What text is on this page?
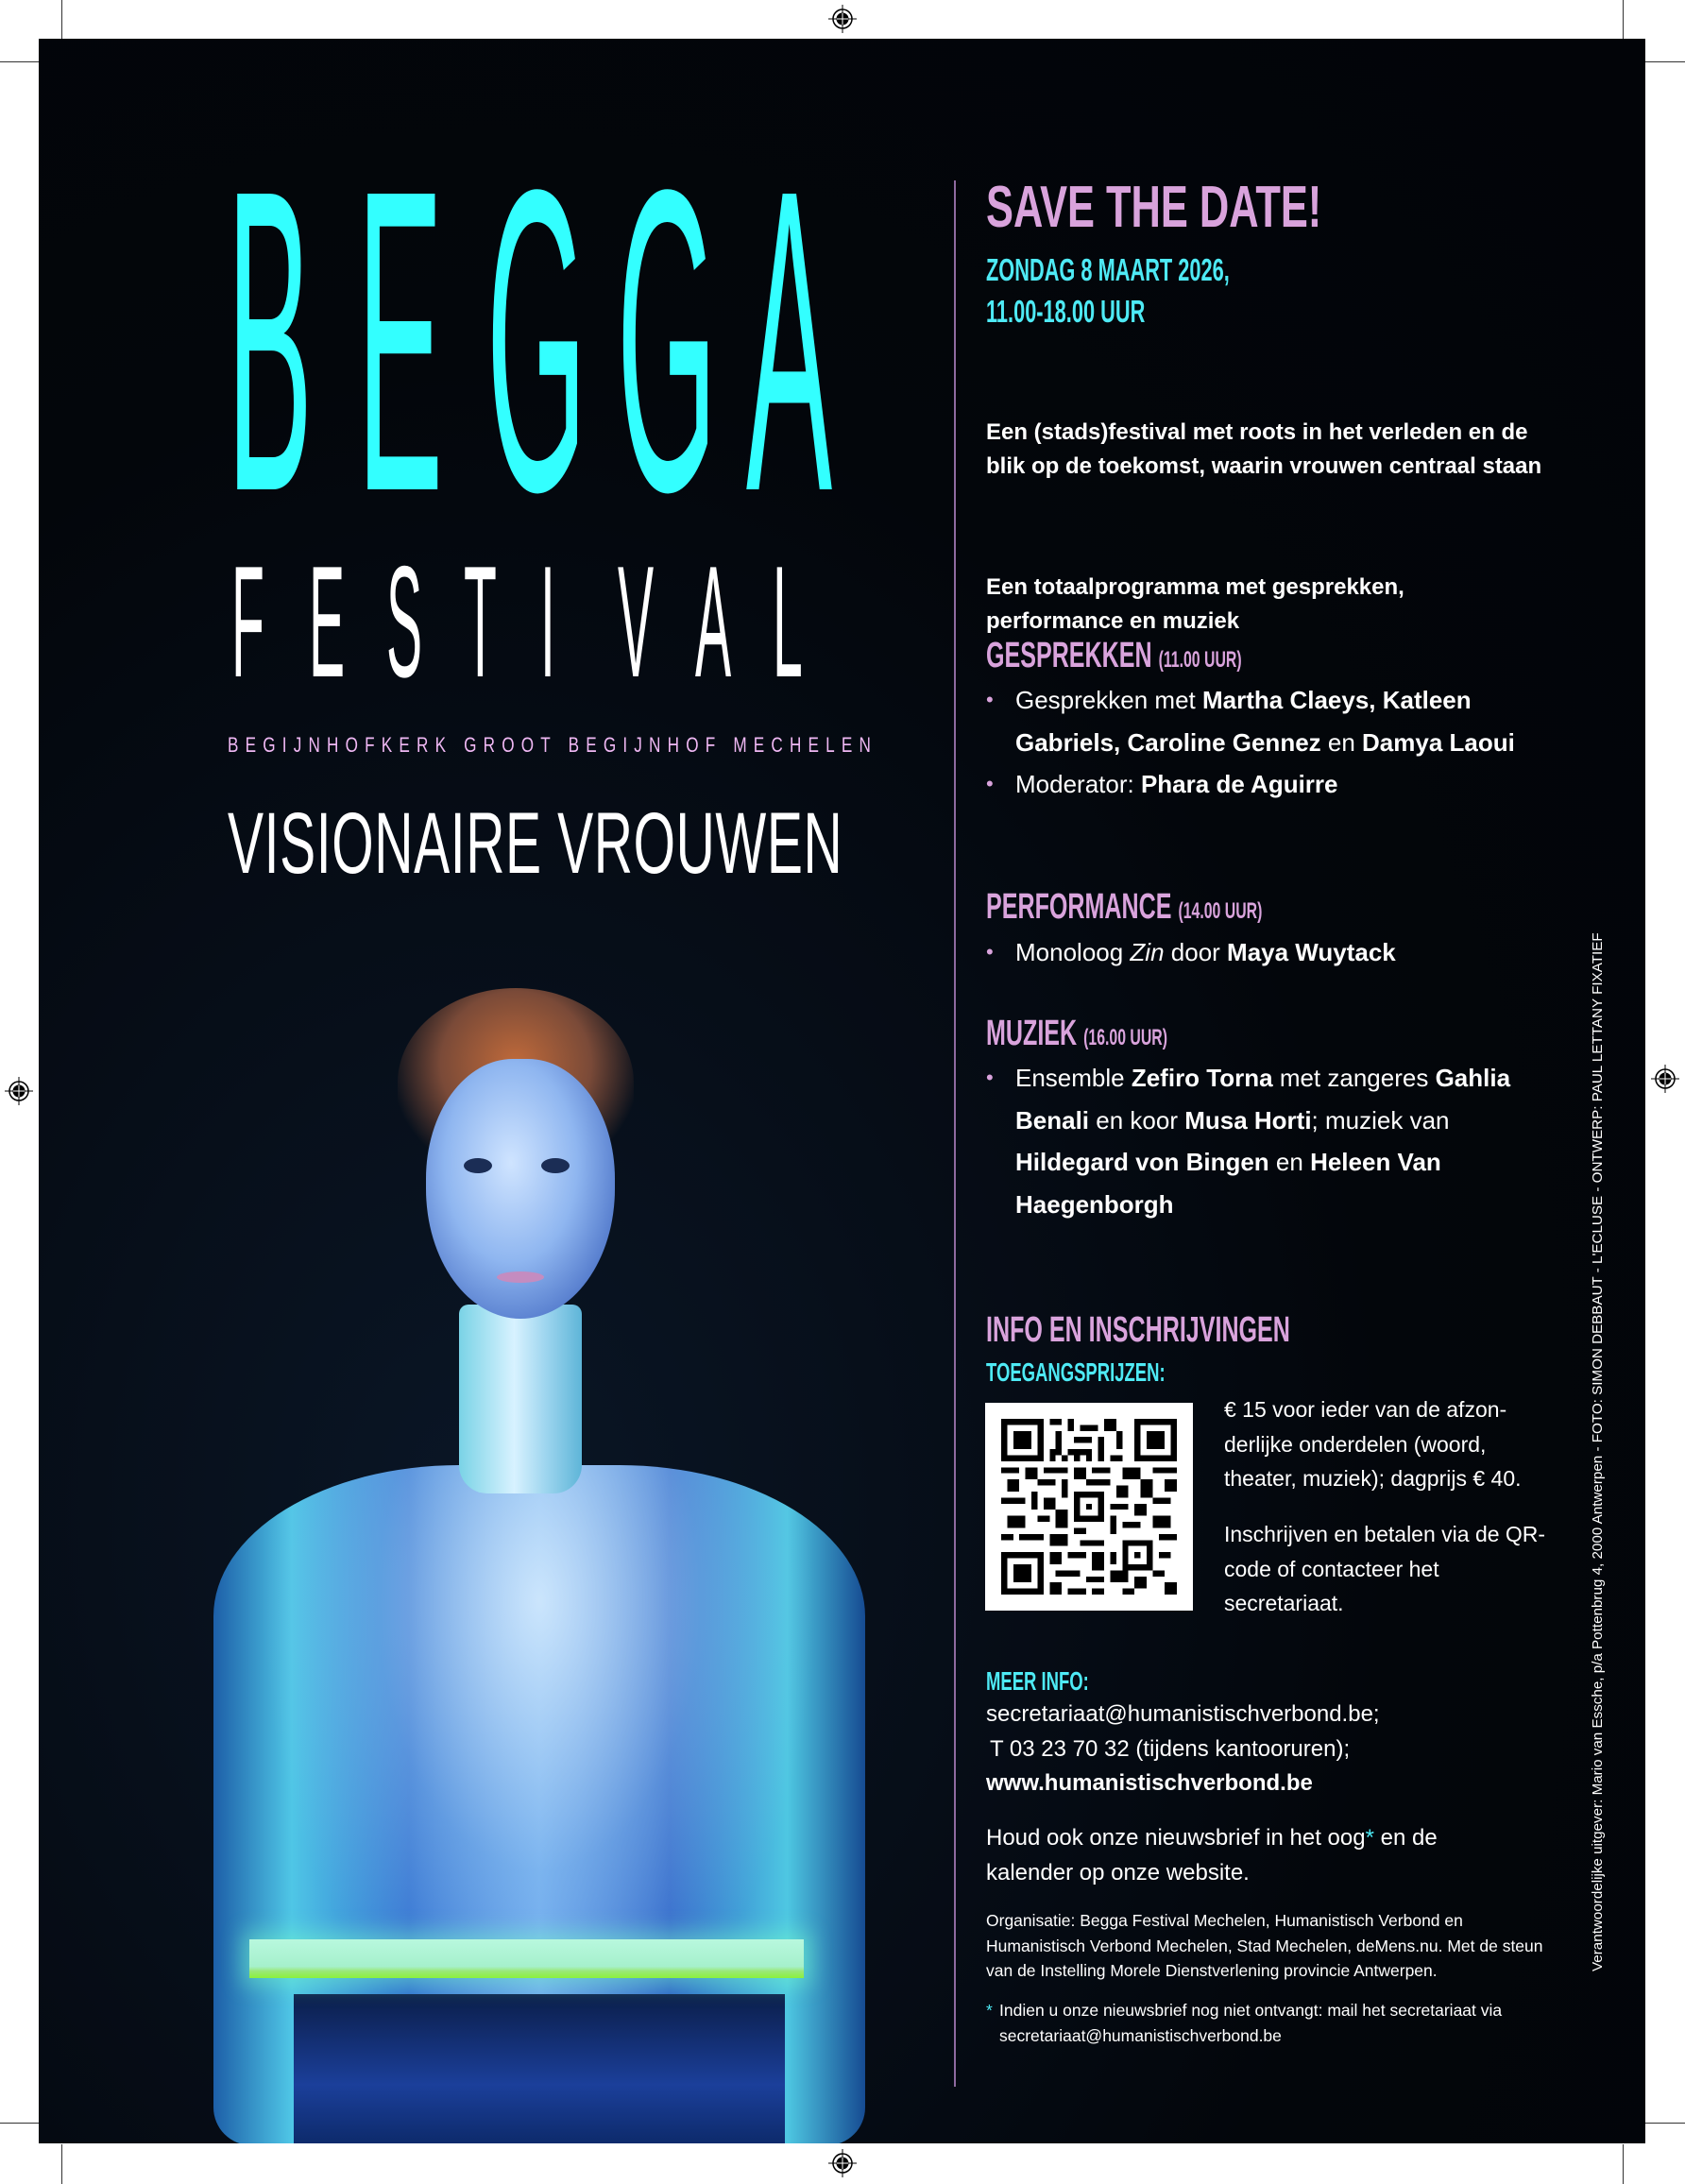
B E G G A
F E S T I V A L
BEGIJNHOFKERK GROOT BEGIJNHOF MECHELEN
VISIONAIRE VROUWEN
SAVE THE DATE!
ZONDAG 8 MAART 2026,
11.00-18.00 UUR
Een (stads)festival met roots in het verleden en de blik op de toekomst, waarin vrouwen centraal staan
Een totaalprogramma met gesprekken, performance en muziek
GESPREKKEN (11.00 UUR)
• Gesprekken met Martha Claeys, Katleen Gabriels, Caroline Gennez en Damya Laoui
• Moderator: Phara de Aguirre
PERFORMANCE (14.00 UUR)
• Monoloog Zin door Maya Wuytack
MUZIEK (16.00 UUR)
• Ensemble Zefiro Torna met zangeres Gahlia Benali en koor Musa Horti; muziek van Hildegard von Bingen en Heleen Van Haegenborgh
INFO EN INSCHRIJVINGEN
TOEGANGSPRIJZEN:
€ 15 voor ieder van de afzon-derlijke onderdelen (woord, theater, muziek); dagprijs € 40.
Inschrijven en betalen via de QR-code of contacteer het secretariaat.
MEER INFO:
secretariaat@humanistischverbond.be;
T 03 23 70 32 (tijdens kantooruren);
www.humanistischverbond.be
Houd ook onze nieuwsbrief in het oog* en de kalender op onze website.
Organisatie: Begga Festival Mechelen, Humanistisch Verbond en Humanistisch Verbond Mechelen, Stad Mechelen, deMens.nu. Met de steun van de Instelling Morele Dienstverlening provincie Antwerpen.
* Indien u onze nieuwsbrief nog niet ontvangt: mail het secretariaat via secretariaat@humanistischverbond.be
Verantwoordelijke uitgever: Mario van Essche, p/a Pottenbrug 4, 2000 Antwerpen - FOTO: SIMON DEBBAUT - L'ECLUSE - ONTWERP: PAUL LETTANY FIXATIEF
